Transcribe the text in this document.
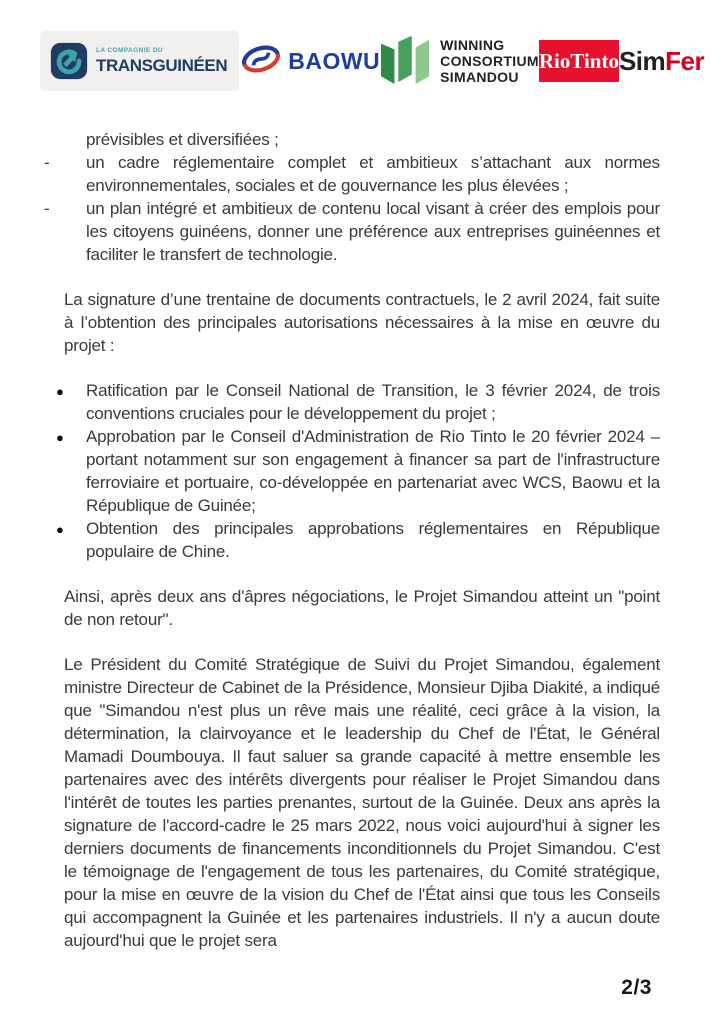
LA COMPAGNIE DU
TRANSGUINÉEN	BAOWU
WINNING
CONSORTIUM
SIMANDOU
RioTinto Sim Fer
prévisibles et diversifiées ;
- un cadre réglementaire complet et ambitieux s’attachant aux normes environnementales, sociales et de gouvernance les plus élevées ;
- un plan intégré et ambitieux de contenu local visant à créer des emplois pour les citoyens guinéens, donner une préférence aux entreprises guinéennes et faciliter le transfert de technologie.

La signature d’une trentaine de documents contractuels, le 2 avril 2024, fait suite à l’obtention des principales autorisations nécessaires à la mise en œuvre du projet :

● Ratification par le Conseil National de Transition, le 3 février 2024, de trois conventions cruciales pour le développement du projet ;
● Approbation par le Conseil d'Administration de Rio Tinto le 20 février 2024 – portant notamment sur son engagement à financer sa part de l'infrastructure ferroviaire et portuaire, co-développée en partenariat avec WCS, Baowu et la République de Guinée;
● Obtention des principales approbations réglementaires en République populaire de Chine.

Ainsi, après deux ans d'âpres négociations, le Projet Simandou atteint un "point de non retour".

Le Président du Comité Stratégique de Suivi du Projet Simandou, également ministre Directeur de Cabinet de la Présidence, Monsieur Djiba Diakité, a indiqué que "Simandou n'est plus un rêve mais une réalité, ceci grâce à la vision, la détermination, la clairvoyance et le leadership du Chef de l'État, le Général Mamadi Doumbouya. Il faut saluer sa grande capacité à mettre ensemble les partenaires avec des intérêts divergents pour réaliser le Projet Simandou dans l'intérêt de toutes les parties prenantes, surtout de la Guinée. Deux ans après la signature de l'accord-cadre le 25 mars 2022, nous voici aujourd'hui à signer les derniers documents de financements inconditionnels du Projet Simandou. C'est le témoignage de l'engagement de tous les partenaires, du Comité stratégique, pour la mise en œuvre de la vision du Chef de l'État ainsi que tous les Conseils qui accompagnent la Guinée et les partenaires industriels. Il n'y a aucun doute aujourd'hui que le projet sera

2/3
